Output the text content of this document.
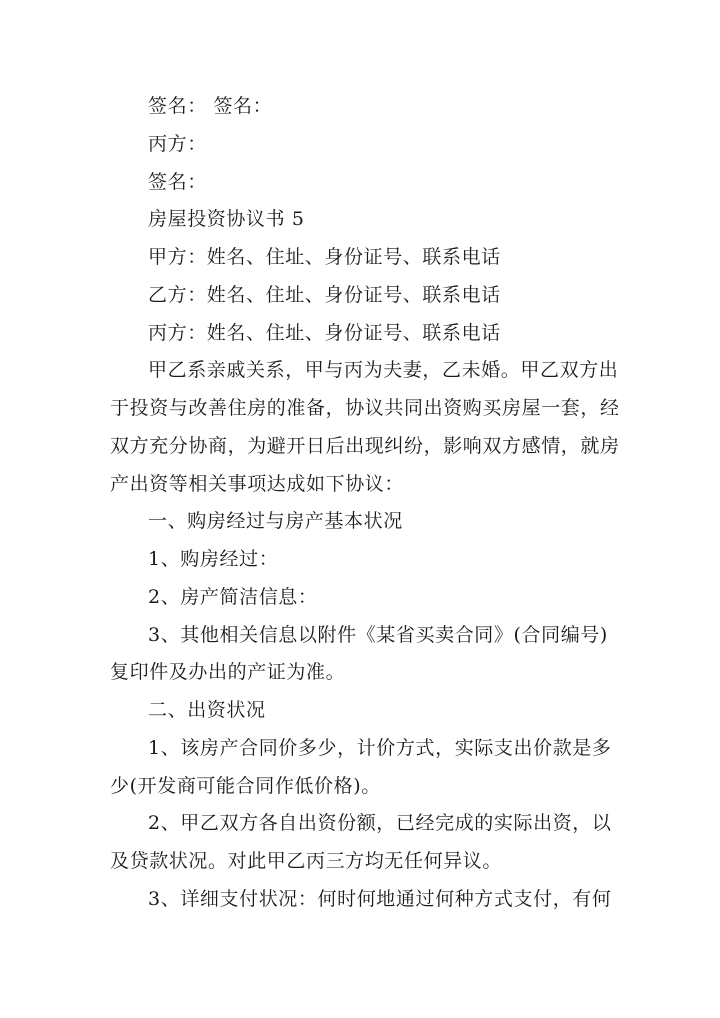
签名： 签名：
丙方：
签名：
房屋投资协议书 5
甲方：姓名、住址、身份证号、联系电话
乙方：姓名、住址、身份证号、联系电话
丙方：姓名、住址、身份证号、联系电话
甲乙系亲戚关系，甲与丙为夫妻，乙未婚。甲乙双方出
于投资与改善住房的准备，协议共同出资购买房屋一套，经
双方充分协商，为避开日后出现纠纷，影响双方感情，就房
产出资等相关事项达成如下协议：
一、购房经过与房产基本状况
1、购房经过：
2、房产简洁信息：
3、其他相关信息以附件《某省买卖合同》(合同编号)
复印件及办出的产证为准。
二、出资状况
1、该房产合同价多少，计价方式，实际支出价款是多
少(开发商可能合同作低价格)。
2、甲乙双方各自出资份额，已经完成的实际出资，以
及贷款状况。对此甲乙丙三方均无任何异议。
3、详细支付状况：何时何地通过何种方式支付，有何
